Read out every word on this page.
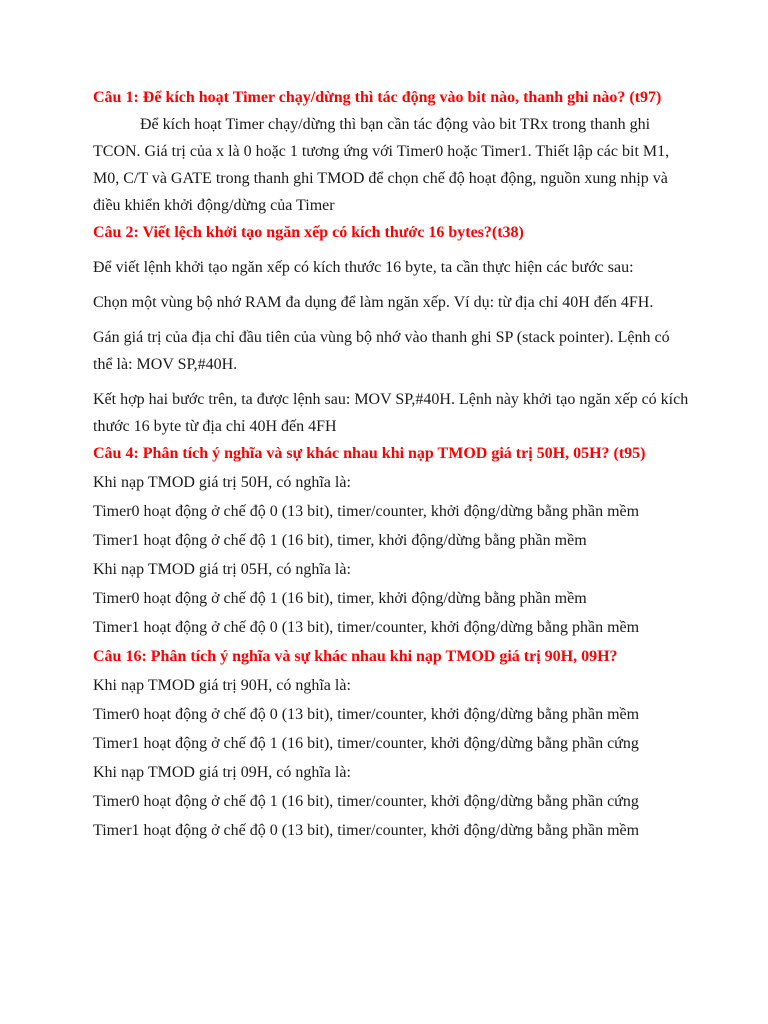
Câu 1: Để kích hoạt Timer chạy/dừng thì tác động vào bit nào, thanh ghi nào? (t97)

Để kích hoạt Timer chạy/dừng thì bạn cần tác động vào bit TRx trong thanh ghi TCON. Giá trị của x là 0 hoặc 1 tương ứng với Timer0 hoặc Timer1. Thiết lập các bit M1, M0, C/T và GATE trong thanh ghi TMOD để chọn chế độ hoạt động, nguồn xung nhịp và điều khiển khởi động/dừng của Timer

Câu 2: Viết lệch khởi tạo ngăn xếp có kích thước 16 bytes?(t38)

Để viết lệnh khởi tạo ngăn xếp có kích thước 16 byte, ta cần thực hiện các bước sau:

Chọn một vùng bộ nhớ RAM đa dụng để làm ngăn xếp. Ví dụ: từ địa chỉ 40H đến 4FH.

Gán giá trị của địa chỉ đầu tiên của vùng bộ nhớ vào thanh ghi SP (stack pointer). Lệnh có thể là: MOV SP,#40H.

Kết hợp hai bước trên, ta được lệnh sau: MOV SP,#40H. Lệnh này khởi tạo ngăn xếp có kích thước 16 byte từ địa chỉ 40H đến 4FH

Câu 4: Phân tích ý nghĩa và sự khác nhau khi nạp TMOD giá trị 50H, 05H? (t95)

Khi nạp TMOD giá trị 50H, có nghĩa là:

Timer0 hoạt động ở chế độ 0 (13 bit), timer/counter, khởi động/dừng bằng phần mềm

Timer1 hoạt động ở chế độ 1 (16 bit), timer, khởi động/dừng bằng phần mềm

Khi nạp TMOD giá trị 05H, có nghĩa là:

Timer0 hoạt động ở chế độ 1 (16 bit), timer, khởi động/dừng bằng phần mềm

Timer1 hoạt động ở chế độ 0 (13 bit), timer/counter, khởi động/dừng bằng phần mềm

Câu 16: Phân tích ý nghĩa và sự khác nhau khi nạp TMOD giá trị 90H, 09H?

Khi nạp TMOD giá trị 90H, có nghĩa là:

Timer0 hoạt động ở chế độ 0 (13 bit), timer/counter, khởi động/dừng bằng phần mềm

Timer1 hoạt động ở chế độ 1 (16 bit), timer/counter, khởi động/dừng bằng phần cứng

Khi nạp TMOD giá trị 09H, có nghĩa là:

Timer0 hoạt động ở chế độ 1 (16 bit), timer/counter, khởi động/dừng bằng phần cứng

Timer1 hoạt động ở chế độ 0 (13 bit), timer/counter, khởi động/dừng bằng phần mềm
